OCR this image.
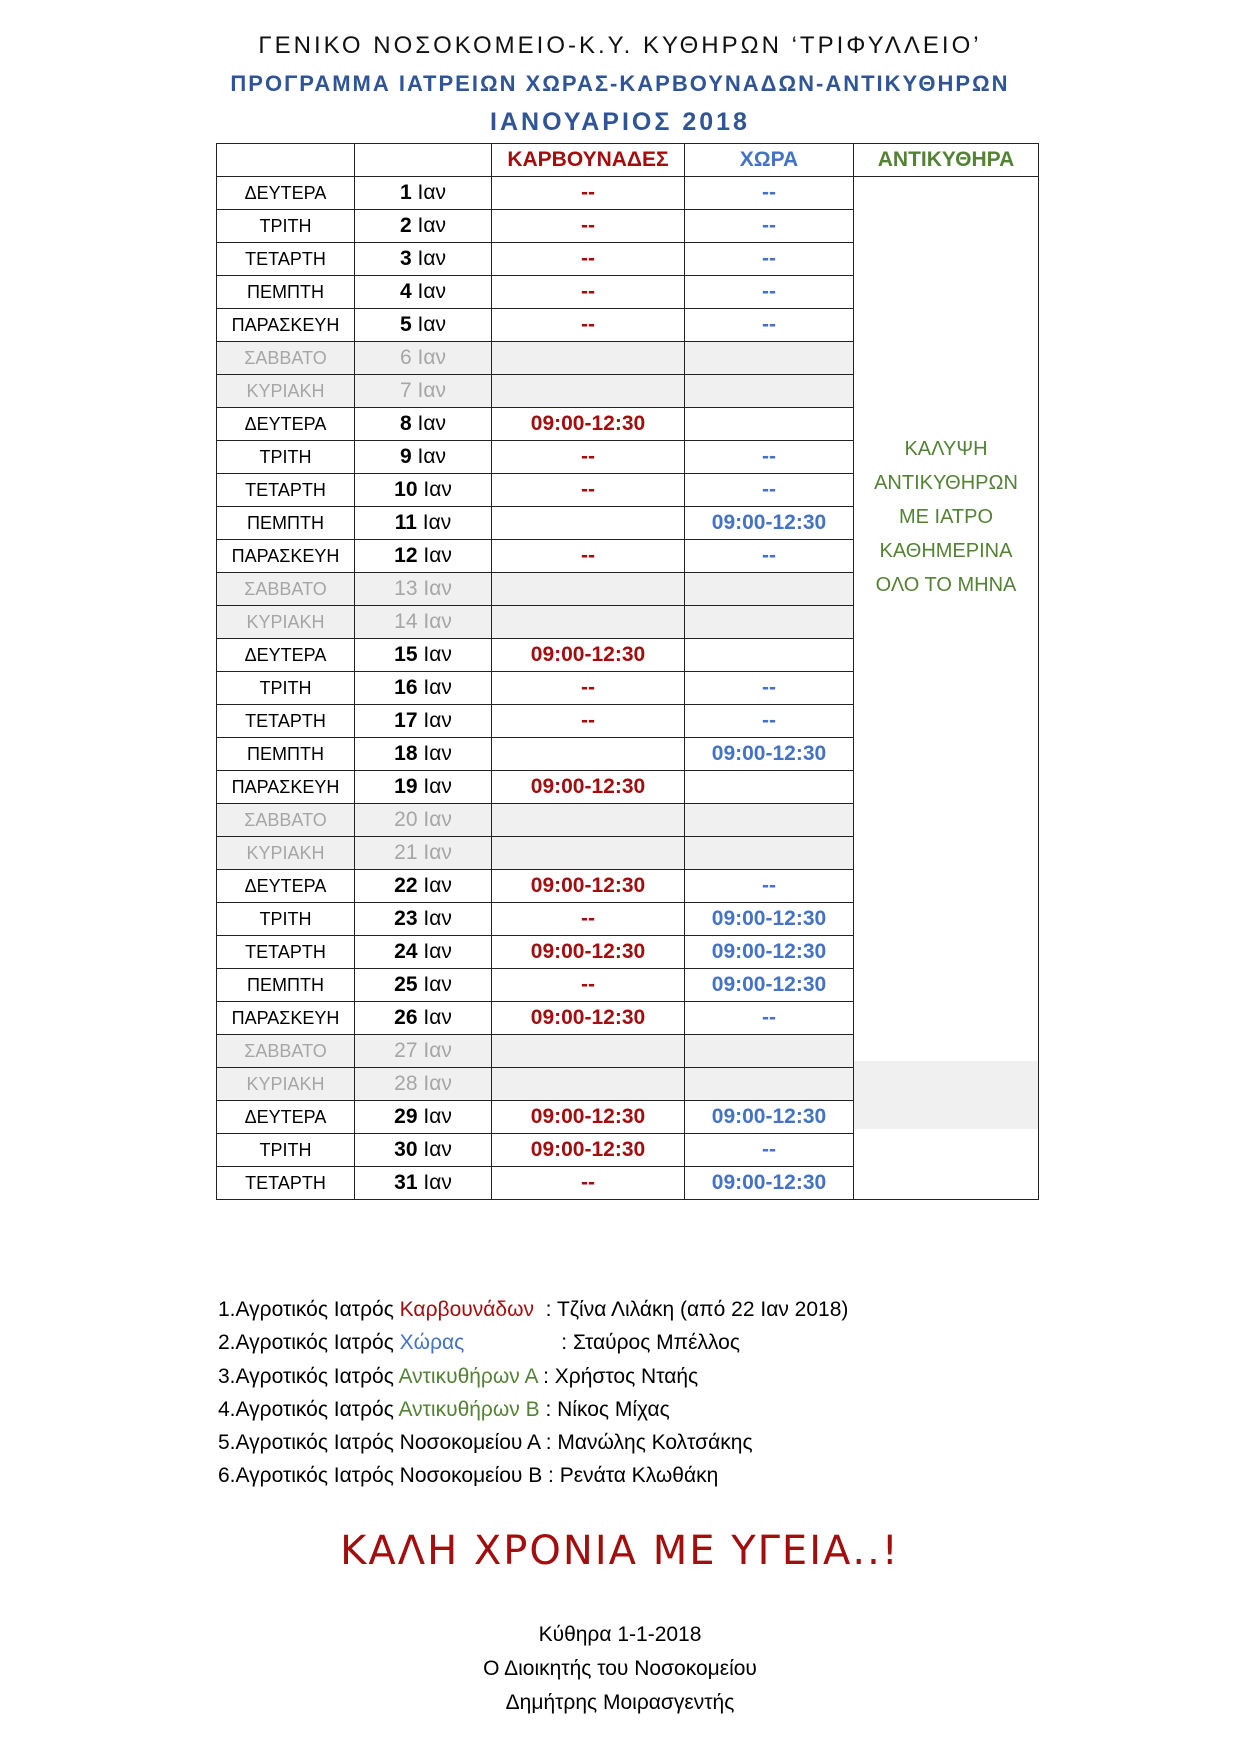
ΓΕΝΙΚΟ ΝΟΣΟΚΟΜΕΙΟ-Κ.Υ. ΚΥΘΗΡΩΝ ‘ΤΡΙΦΥΛΛΕΙΟ’
ΠΡΟΓΡΑΜΜΑ ΙΑΤΡΕΙΩΝ ΧΩΡΑΣ-ΚΑΡΒΟΥΝΑΔΩΝ-ΑΝΤΙΚΥΘΗΡΩΝ
ΙΑΝΟΥΑΡΙΟΣ 2018
		ΚΑΡΒΟΥΝΑΔΕΣ	ΧΩΡΑ	ΑΝΤΙΚΥΘΗΡΑ
ΔΕΥΤΕΡΑ	1 Ιαν	--	--	ΚΑΛΥΨΗ
ΑΝΤΙΚΥΘΗΡΩΝ
ΜΕ ΙΑΤΡΟ
ΚΑΘΗΜΕΡΙΝΑ
ΟΛΟ ΤΟ ΜΗΝΑ

ΤΡΙΤΗ	2 Ιαν	--	--	
ΤΕΤΑΡΤΗ	3 Ιαν	--	--	
ΠΕΜΠΤΗ	4 Ιαν	--	--	
ΠΑΡΑΣΚΕΥΗ	5 Ιαν	--	--	
ΣΑΒΒΑΤΟ	6 Ιαν			
ΚΥΡΙΑΚΗ	7 Ιαν			
ΔΕΥΤΕΡΑ	8 Ιαν	09:00-12:30		
ΤΡΙΤΗ	9 Ιαν	--	--	
ΤΕΤΑΡΤΗ	10 Ιαν	--	--	
ΠΕΜΠΤΗ	11 Ιαν		09:00-12:30	
ΠΑΡΑΣΚΕΥΗ	12 Ιαν	--	--	
ΣΑΒΒΑΤΟ	13 Ιαν			
ΚΥΡΙΑΚΗ	14 Ιαν			
ΔΕΥΤΕΡΑ	15 Ιαν	09:00-12:30		
ΤΡΙΤΗ	16 Ιαν	--	--	
ΤΕΤΑΡΤΗ	17 Ιαν	--	--	
ΠΕΜΠΤΗ	18 Ιαν		09:00-12:30	
ΠΑΡΑΣΚΕΥΗ	19 Ιαν	09:00-12:30		
ΣΑΒΒΑΤΟ	20 Ιαν			
ΚΥΡΙΑΚΗ	21 Ιαν			
ΔΕΥΤΕΡΑ	22 Ιαν	09:00-12:30	--	
ΤΡΙΤΗ	23 Ιαν	--	09:00-12:30	
ΤΕΤΑΡΤΗ	24 Ιαν	09:00-12:30	09:00-12:30	
ΠΕΜΠΤΗ	25 Ιαν	--	09:00-12:30	
ΠΑΡΑΣΚΕΥΗ	26 Ιαν	09:00-12:30	--	
ΣΑΒΒΑΤΟ	27 Ιαν			
ΚΥΡΙΑΚΗ	28 Ιαν			
ΔΕΥΤΕΡΑ	29 Ιαν	09:00-12:30	09:00-12:30	
ΤΡΙΤΗ	30 Ιαν	09:00-12:30	--	
ΤΕΤΑΡΤΗ	31 Ιαν	--	09:00-12:30	
1.Αγροτικός Ιατρός Καρβουνάδων  : Τζίνα Λιλάκη (από 22 Ιαν 2018)
2.Αγροτικός Ιατρός Χώρας	: Σταύρος Μπέλλος
3.Αγροτικός Ιατρός Αντικυθήρων Α : Χρήστος Νταής
4.Αγροτικός Ιατρός Αντικυθήρων Β : Νίκος Μίχας
5.Αγροτικός Ιατρός Νοσοκομείου Α : Μανώλης Κολτσάκης
6.Αγροτικός Ιατρός Νοσοκομείου Β : Ρενάτα Κλωθάκη
ΚΑΛΗ ΧΡΟΝΙΑ ΜΕ ΥΓΕΙΑ..!
Κύθηρα 1-1-2018
Ο Διοικητής του Νοσοκομείου
Δημήτρης Μοιρασγεντής
